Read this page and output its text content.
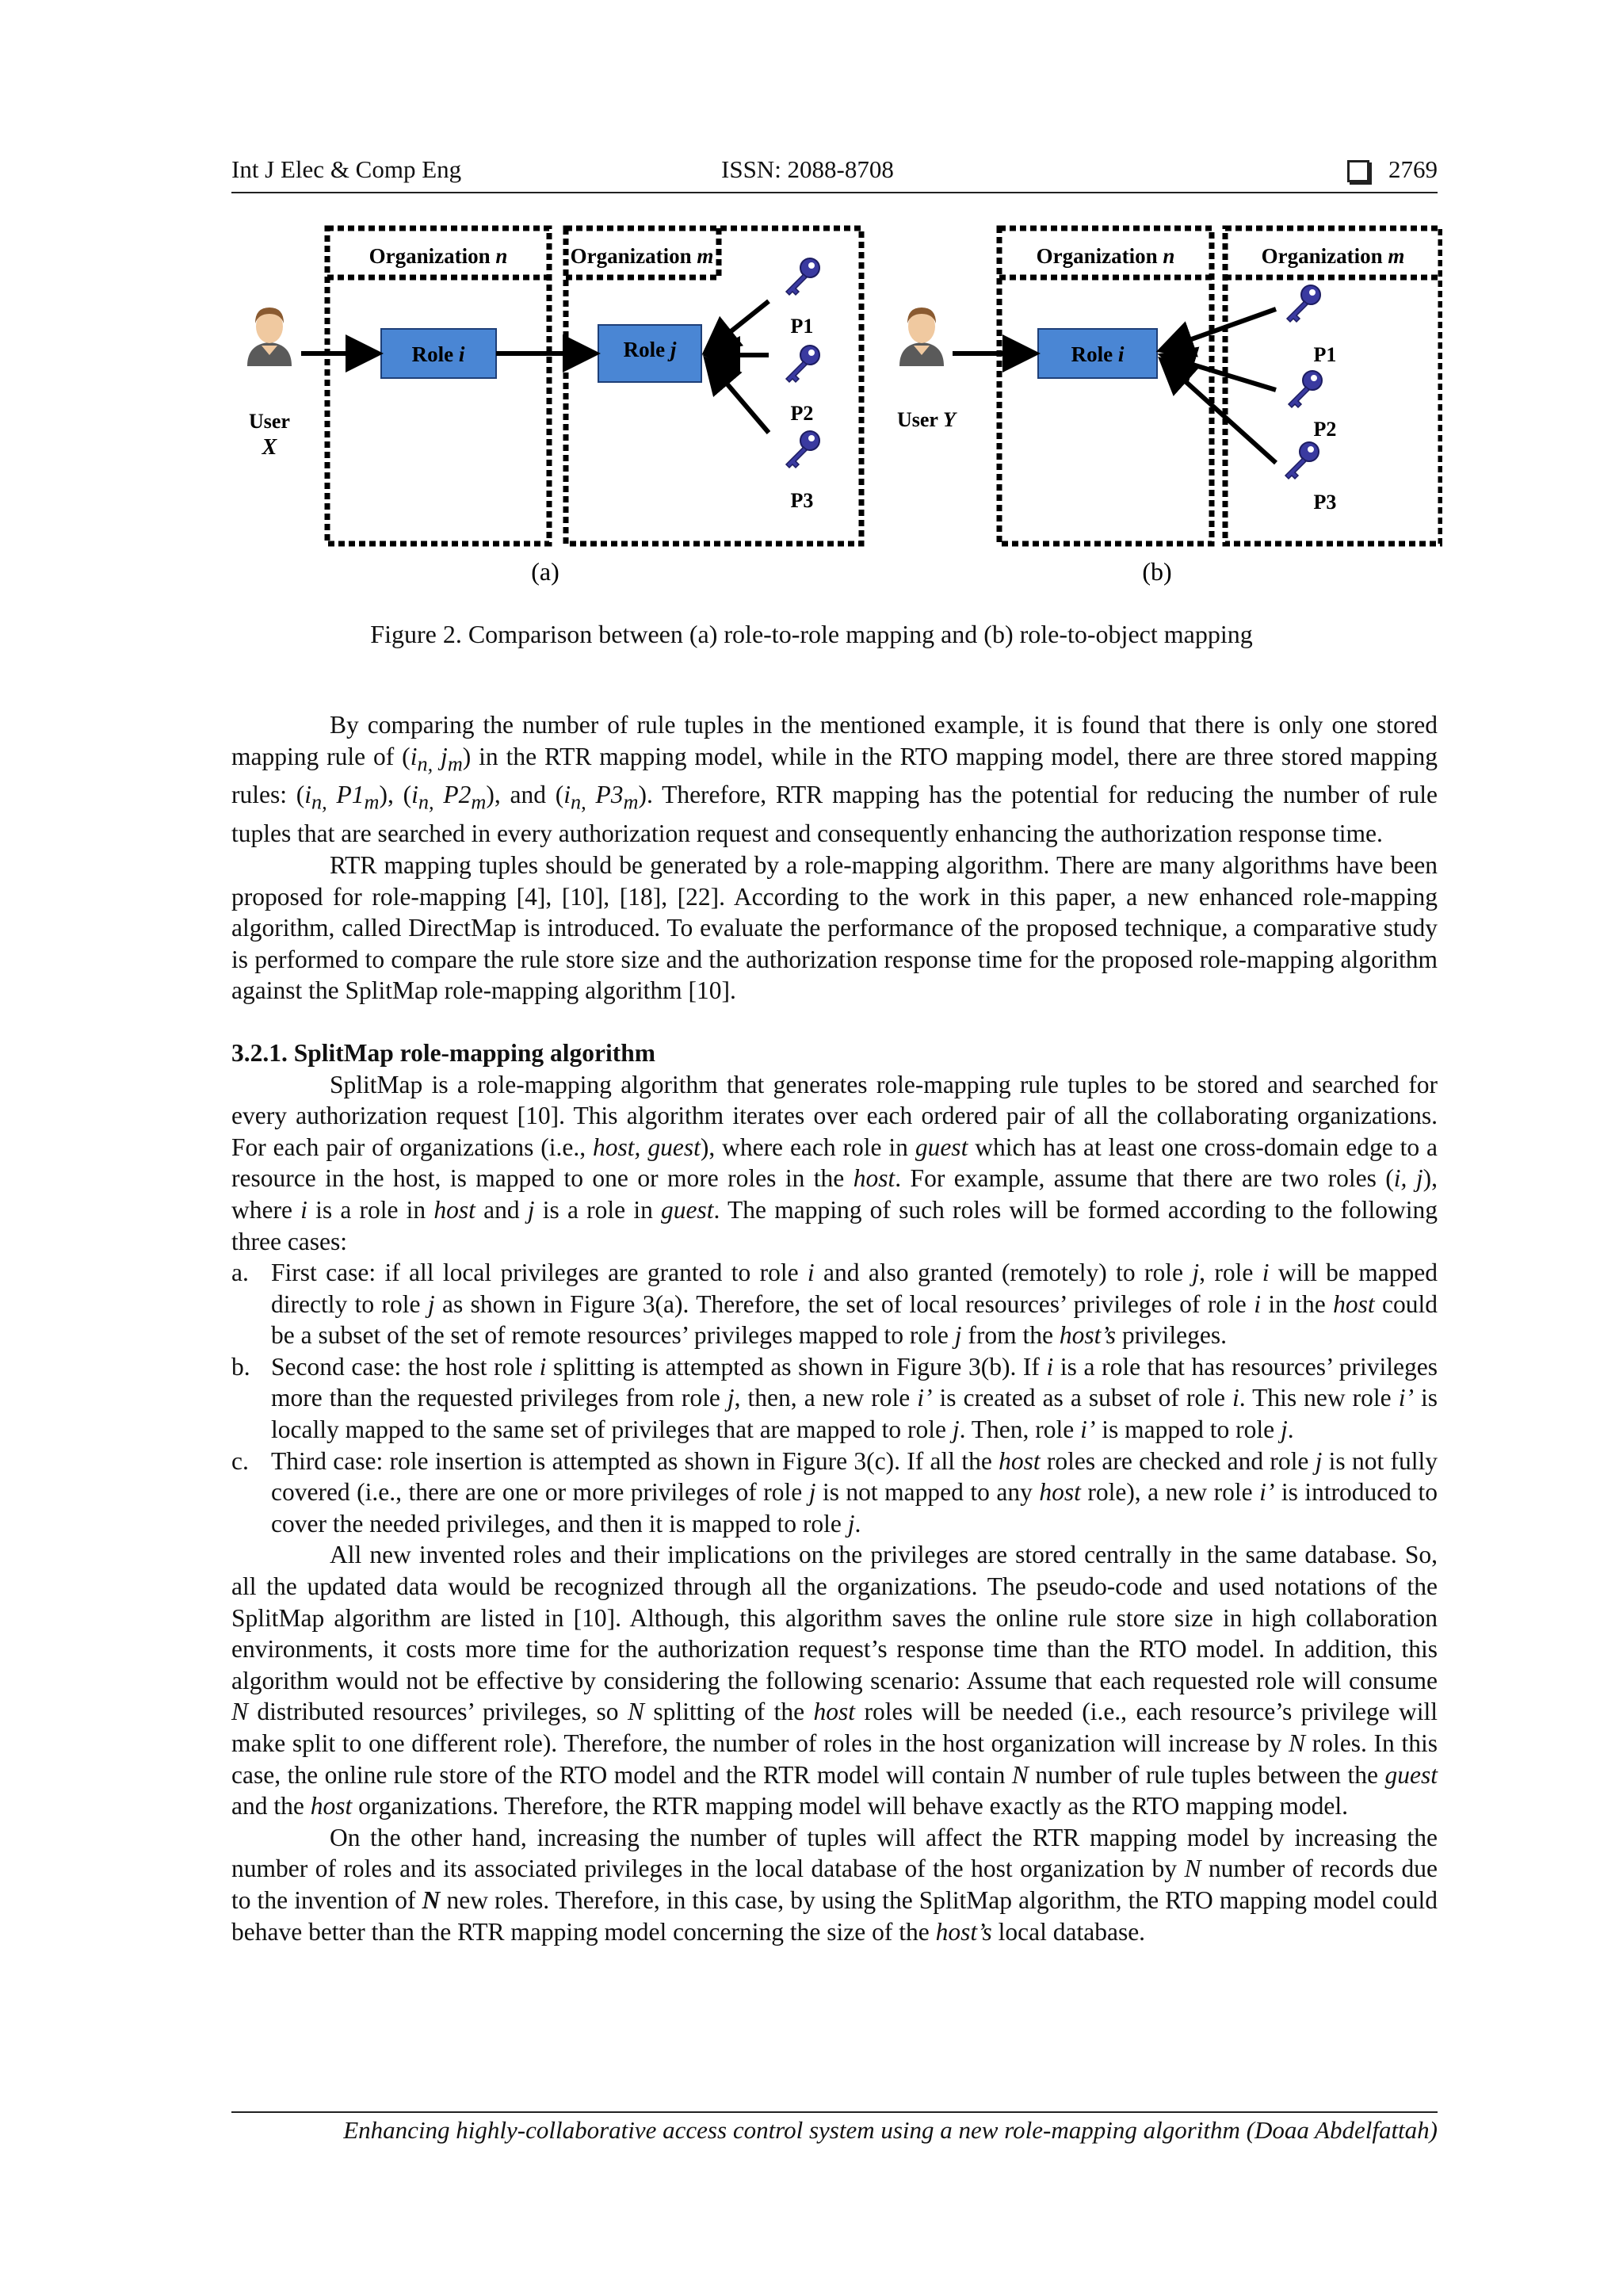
Int J Elec & Comp Eng	ISSN: 2088-8708	2769
User
X
Organization n	Organization m
Role i	Role j
P1
P2
P3
(a)
User Y
Organization n	Organization m
Role i	P1
P2
P3
(b)
Figure 2. Comparison between (a) role-to-role mapping and (b) role-to-object mapping

By comparing the number of rule tuples in the mentioned example, it is found that there is only one stored mapping rule of ($i_{n,}$ $j_m$) in the RTR mapping model, while in the RTO mapping model, there are three stored mapping rules: ($i_{n,}$ $P1_m$), ($i_{n,}$ $P2_m$), and ($i_{n,}$ $P3_m$). Therefore, RTR mapping has the potential for reducing the number of rule tuples that are searched in every authorization request and consequently enhancing the authorization response time.

RTR mapping tuples should be generated by a role-mapping algorithm. There are many algorithms have been proposed for role-mapping [4], [10], [18], [22]. According to the work in this paper, a new enhanced role-mapping algorithm, called DirectMap is introduced. To evaluate the performance of the proposed technique, a comparative study is performed to compare the rule store size and the authorization response time for the proposed role-mapping algorithm against the SplitMap role-mapping algorithm [10].

3.2.1. SplitMap role-mapping algorithm

SplitMap is a role-mapping algorithm that generates role-mapping rule tuples to be stored and searched for every authorization request [10]. This algorithm iterates over each ordered pair of all the collaborating organizations. For each pair of organizations (i.e., host, guest), where each role in guest which has at least one cross-domain edge to a resource in the host, is mapped to one or more roles in the host. For example, assume that there are two roles (i, j), where i is a role in host and j is a role in guest. The mapping of such roles will be formed according to the following three cases:

a. First case: if all local privileges are granted to role i and also granted (remotely) to role j, role i will be mapped directly to role j as shown in Figure 3(a). Therefore, the set of local resources’ privileges of role i in the host could be a subset of the set of remote resources’ privileges mapped to role j from the host’s privileges.
b. Second case: the host role i splitting is attempted as shown in Figure 3(b). If i is a role that has resources’ privileges more than the requested privileges from role j, then, a new role i’ is created as a subset of role i. This new role i’ is locally mapped to the same set of privileges that are mapped to role j. Then, role i’ is mapped to role j.
c. Third case: role insertion is attempted as shown in Figure 3(c). If all the host roles are checked and role j is not fully covered (i.e., there are one or more privileges of role j is not mapped to any host role), a new role i’ is introduced to cover the needed privileges, and then it is mapped to role j.

All new invented roles and their implications on the privileges are stored centrally in the same database. So, all the updated data would be recognized through all the organizations. The pseudo-code and used notations of the SplitMap algorithm are listed in [10]. Although, this algorithm saves the online rule store size in high collaboration environments, it costs more time for the authorization request’s response time than the RTO model. In addition, this algorithm would not be effective by considering the following scenario: Assume that each requested role will consume N distributed resources’ privileges, so N splitting of the host roles will be needed (i.e., each resource’s privilege will make split to one different role). Therefore, the number of roles in the host organization will increase by N roles. In this case, the online rule store of the RTO model and the RTR model will contain N number of rule tuples between the guest and the host organizations. Therefore, the RTR mapping model will behave exactly as the RTO mapping model.

On the other hand, increasing the number of tuples will affect the RTR mapping model by increasing the number of roles and its associated privileges in the local database of the host organization by N number of records due to the invention of N new roles. Therefore, in this case, by using the SplitMap algorithm, the RTO mapping model could behave better than the RTR mapping model concerning the size of the host’s local database.

Enhancing highly-collaborative access control system using a new role-mapping algorithm (Doaa Abdelfattah)
